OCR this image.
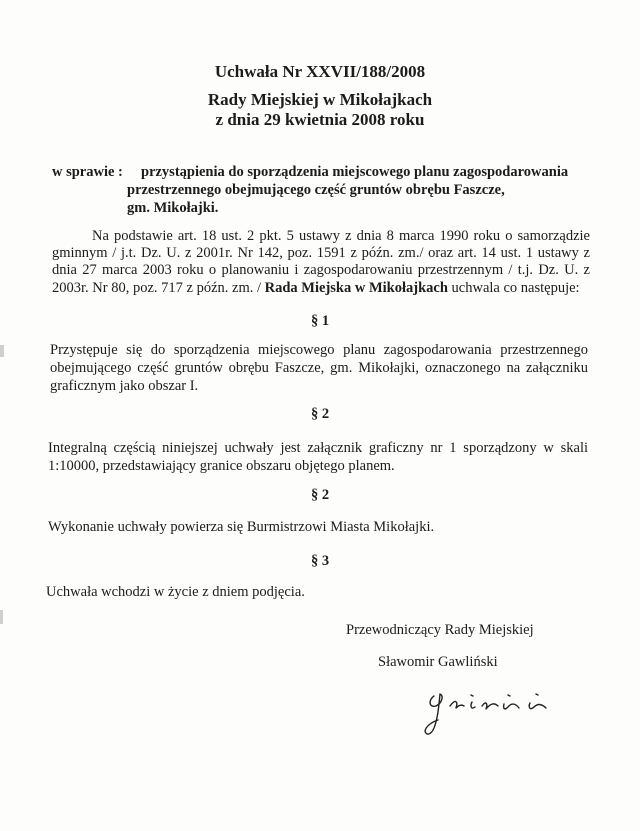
Uchwała Nr XXVII/188/2008
Rady Miejskiej w Mikołajkach
z dnia 29 kwietnia 2008 roku
w sprawie : przystąpienia do sporządzenia miejscowego planu zagospodarowania
przestrzennego obejmującego część gruntów obrębu Faszcze,
gm. Mikołajki.
Na podstawie art. 18 ust. 2 pkt. 5 ustawy z dnia 8 marca 1990 roku o samorządzie
gminnym / j.t. Dz. U. z 2001r. Nr 142, poz. 1591 z późn. zm./ oraz art. 14 ust. 1 ustawy z
dnia 27 marca 2003 roku o planowaniu i zagospodarowaniu przestrzennym / t.j. Dz. U. z
2003r. Nr 80, poz. 717 z późn. zm. / Rada Miejska w Mikołajkach uchwala co następuje:
§ 1
Przystępuje się do sporządzenia miejscowego planu zagospodarowania przestrzennego
obejmującego część gruntów obrębu Faszcze, gm. Mikołajki, oznaczonego na załączniku
graficznym jako obszar I.
§ 2
Integralną częścią niniejszej uchwały jest załącznik graficzny nr 1 sporządzony w skali
1:10000, przedstawiający granice obszaru objętego planem.
§ 2
Wykonanie uchwały powierza się Burmistrzowi Miasta Mikołajki.
§ 3
Uchwała wchodzi w życie z dniem podjęcia.
Przewodniczący Rady Miejskiej
Sławomir Gawliński
